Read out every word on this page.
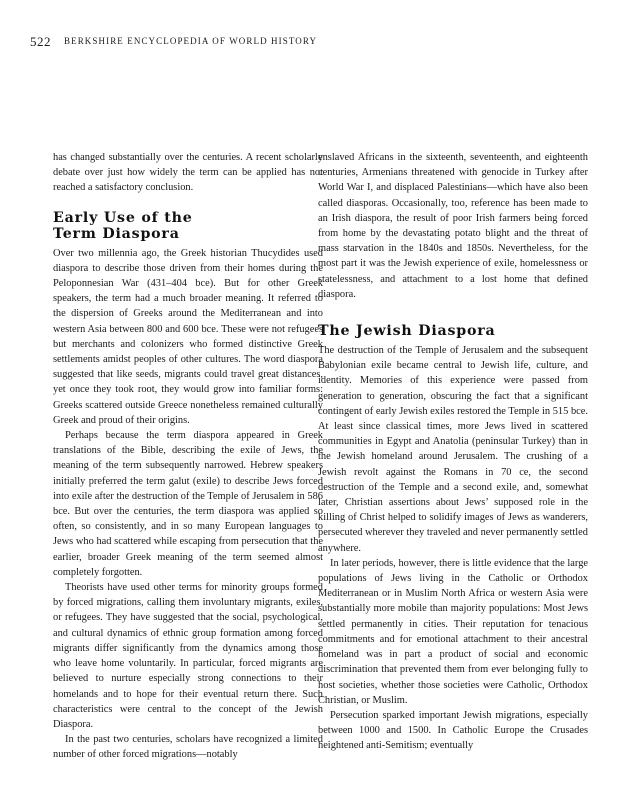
522 BERKSHIRE ENCYCLOPEDIA OF WORLD HISTORY

has changed substantially over the centuries. A recent scholarly debate over just how widely the term can be applied has not reached a satisfactory conclusion.

Early Use of the
Term Diaspora

Over two millennia ago, the Greek historian Thucydides used diaspora to describe those driven from their homes during the Peloponnesian War (431–404 bce). But for other Greek speakers, the term had a much broader meaning. It referred to the dispersion of Greeks around the Mediterranean and into western Asia between 800 and 600 bce. These were not refugees but merchants and colonizers who formed distinctive Greek settlements amidst peoples of other cultures. The word diaspora suggested that like seeds, migrants could travel great distances, yet once they took root, they would grow into familiar forms: Greeks scattered outside Greece nonetheless remained culturally Greek and proud of their origins.

Perhaps because the term diaspora appeared in Greek translations of the Bible, describing the exile of Jews, the meaning of the term subsequently narrowed. Hebrew speakers initially preferred the term galut (exile) to describe Jews forced into exile after the destruction of the Temple of Jerusalem in 586 bce. But over the centuries, the term diaspora was applied so often, so consistently, and in so many European languages to Jews who had scattered while escaping from persecution that the earlier, broader Greek meaning of the term seemed almost completely forgotten.

Theorists have used other terms for minority groups formed by forced migrations, calling them involuntary migrants, exiles, or refugees. They have suggested that the social, psychological, and cultural dynamics of ethnic group formation among forced migrants differ significantly from the dynamics among those who leave home voluntarily. In particular, forced migrants are believed to nurture especially strong connections to their homelands and to hope for their eventual return there. Such characteristics were central to the concept of the Jewish Diaspora.

In the past two centuries, scholars have recognized a limited number of other forced migrations—notably

enslaved Africans in the sixteenth, seventeenth, and eighteenth centuries, Armenians threatened with genocide in Turkey after World War I, and displaced Palestinians—which have also been called diasporas. Occasionally, too, reference has been made to an Irish diaspora, the result of poor Irish farmers being forced from home by the devastating potato blight and the threat of mass starvation in the 1840s and 1850s. Nevertheless, for the most part it was the Jewish experience of exile, homelessness or statelessness, and attachment to a lost home that defined diaspora.

The Jewish Diaspora

The destruction of the Temple of Jerusalem and the subsequent Babylonian exile became central to Jewish life, culture, and identity. Memories of this experience were passed from generation to generation, obscuring the fact that a significant contingent of early Jewish exiles restored the Temple in 515 bce. At least since classical times, more Jews lived in scattered communities in Egypt and Anatolia (peninsular Turkey) than in the Jewish homeland around Jerusalem. The crushing of a Jewish revolt against the Romans in 70 ce, the second destruction of the Temple and a second exile, and, somewhat later, Christian assertions about Jews’ supposed role in the killing of Christ helped to solidify images of Jews as wanderers, persecuted wherever they traveled and never permanently settled anywhere.

In later periods, however, there is little evidence that the large populations of Jews living in the Catholic or Orthodox Mediterranean or in Muslim North Africa or western Asia were substantially more mobile than majority populations: Most Jews settled permanently in cities. Their reputation for tenacious commitments and for emotional attachment to their ancestral homeland was in part a product of social and economic discrimination that prevented them from ever belonging fully to host societies, whether those societies were Catholic, Orthodox Christian, or Muslim.

Persecution sparked important Jewish migrations, especially between 1000 and 1500. In Catholic Europe the Crusades heightened anti-Semitism; eventually
